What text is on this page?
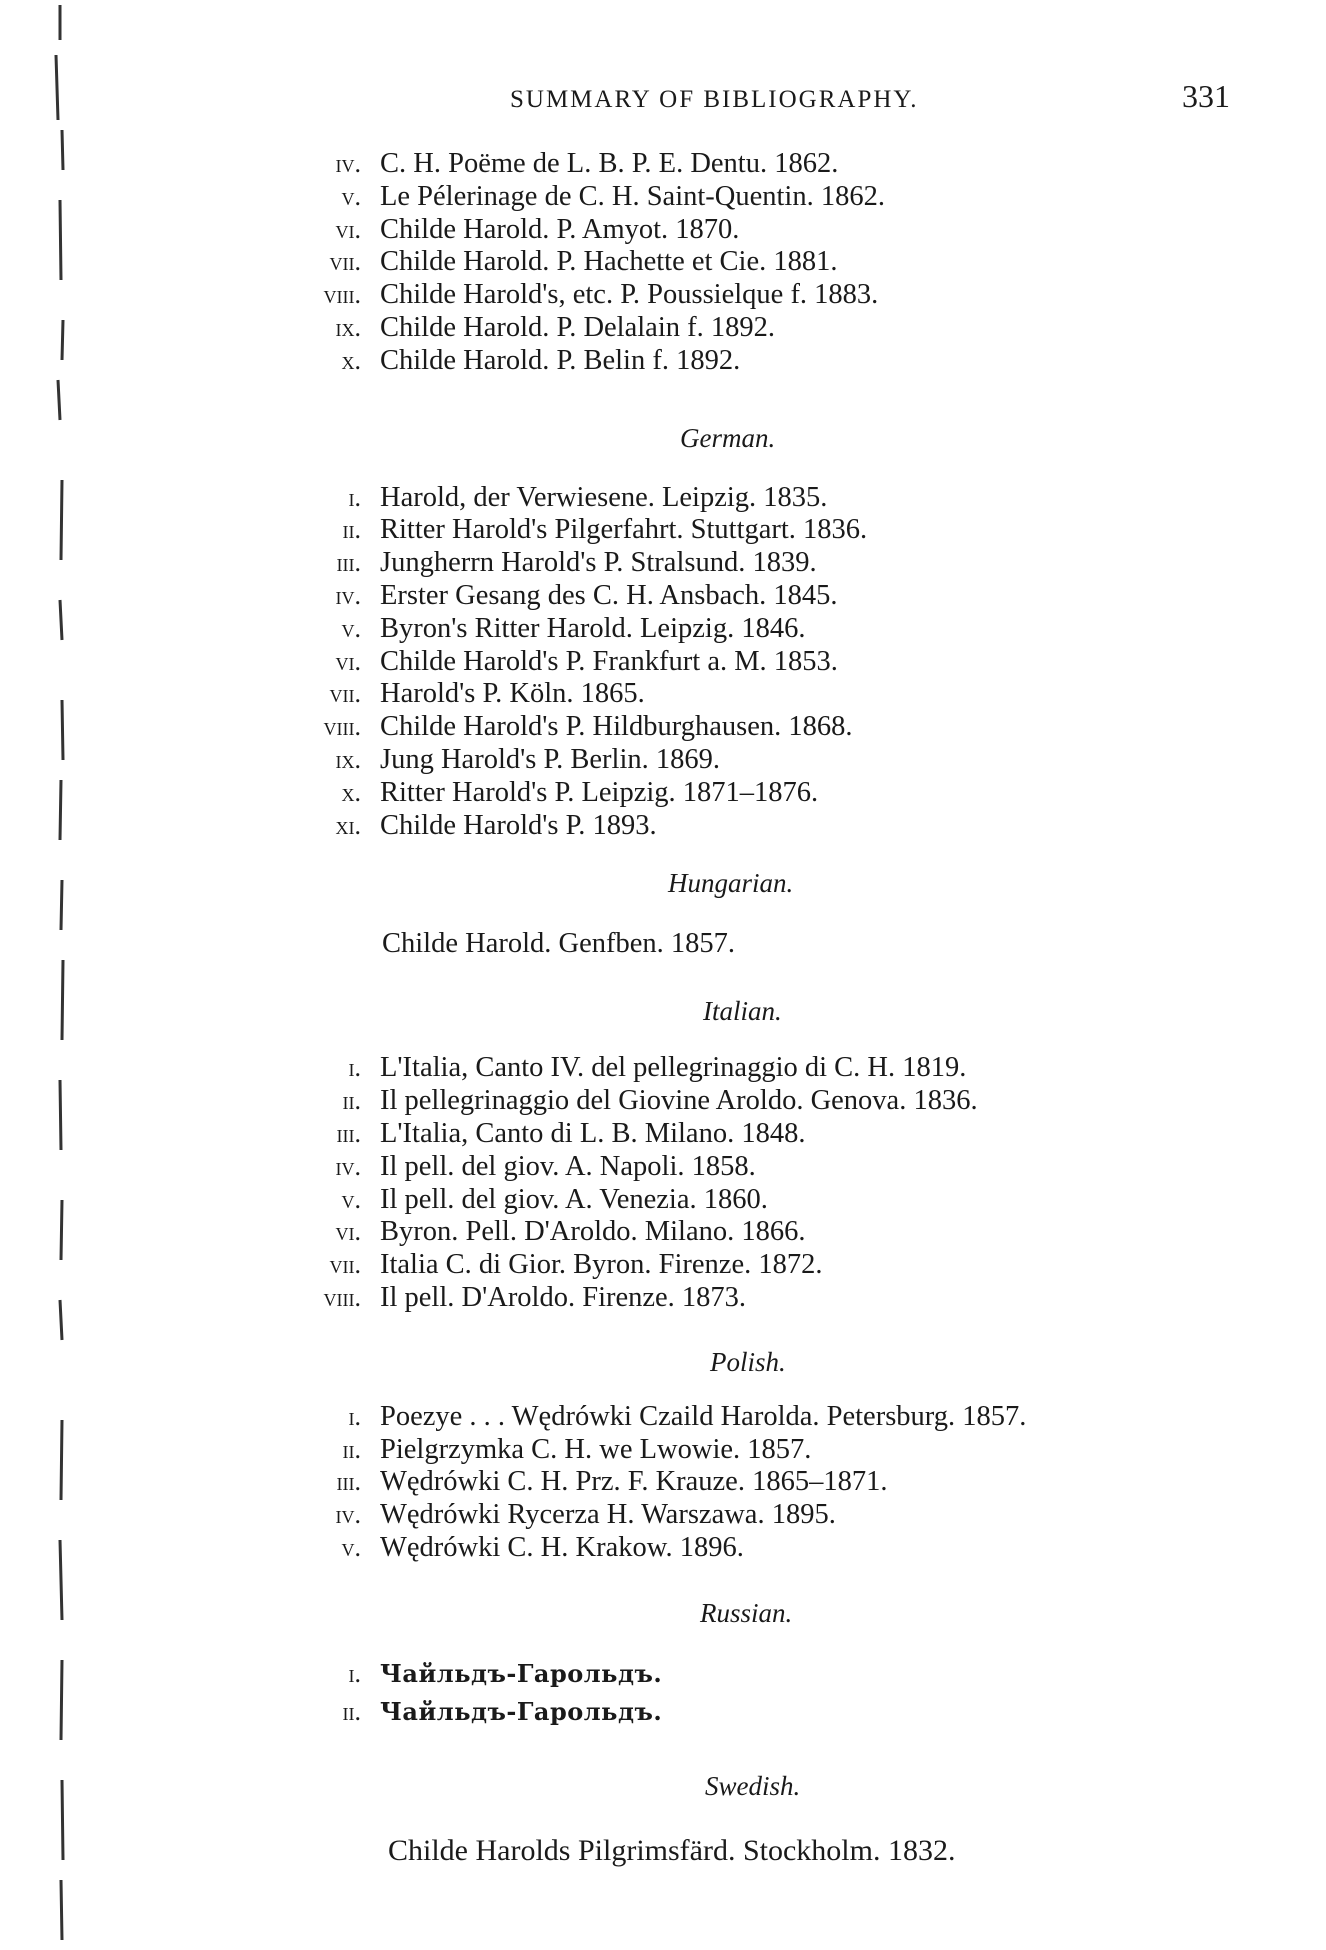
SUMMARY OF BIBLIOGRAPHY.	331
iv. C. H. Poëme de L. B. P. E. Dentu. 1862.
v. Le Pélerinage de C. H. Saint-Quentin. 1862.
vi. Childe Harold. P. Amyot. 1870.
vii. Childe Harold. P. Hachette et Cie. 1881.
viii. Childe Harold's, etc. P. Poussielque f. 1883.
ix. Childe Harold. P. Delalain f. 1892.
x. Childe Harold. P. Belin f. 1892.
German.
i. Harold, der Verwiesene. Leipzig. 1835.
ii. Ritter Harold's Pilgerfahrt. Stuttgart. 1836.
iii. Jungherrn Harold's P. Stralsund. 1839.
iv. Erster Gesang des C. H. Ansbach. 1845.
v. Byron's Ritter Harold. Leipzig. 1846.
vi. Childe Harold's P. Frankfurt a. M. 1853.
vii. Harold's P. Köln. 1865.
viii. Childe Harold's P. Hildburghausen. 1868.
ix. Jung Harold's P. Berlin. 1869.
x. Ritter Harold's P. Leipzig. 1871–1876.
xi. Childe Harold's P. 1893.
Hungarian.
Childe Harold. Genfben. 1857.
Italian.
i. L'Italia, Canto IV. del pellegrinaggio di C. H. 1819.
ii. Il pellegrinaggio del Giovine Aroldo. Genova. 1836.
iii. L'Italia, Canto di L. B. Milano. 1848.
iv. Il pell. del giov. A. Napoli. 1858.
v. Il pell. del giov. A. Venezia. 1860.
vi. Byron. Pell. D'Aroldo. Milano. 1866.
vii. Italia C. di Gior. Byron. Firenze. 1872.
viii. Il pell. D'Aroldo. Firenze. 1873.
Polish.
i. Poezye . . . Wędrówki Czaild Harolda. Petersburg. 1857.
ii. Pielgrzymka C. H. we Lwowie. 1857.
iii. Wędrówki C. H. Prz. F. Krauze. 1865–1871.
iv. Wędrówki Rycerza H. Warszawa. 1895.
v. Wędrówki C. H. Krakow. 1896.
Russian.
i. Чайльдъ-Гарольдъ.
ii. Чайльдъ-Гарольдъ.
Swedish.
Childe Harolds Pilgrimsfärd. Stockholm. 1832.
